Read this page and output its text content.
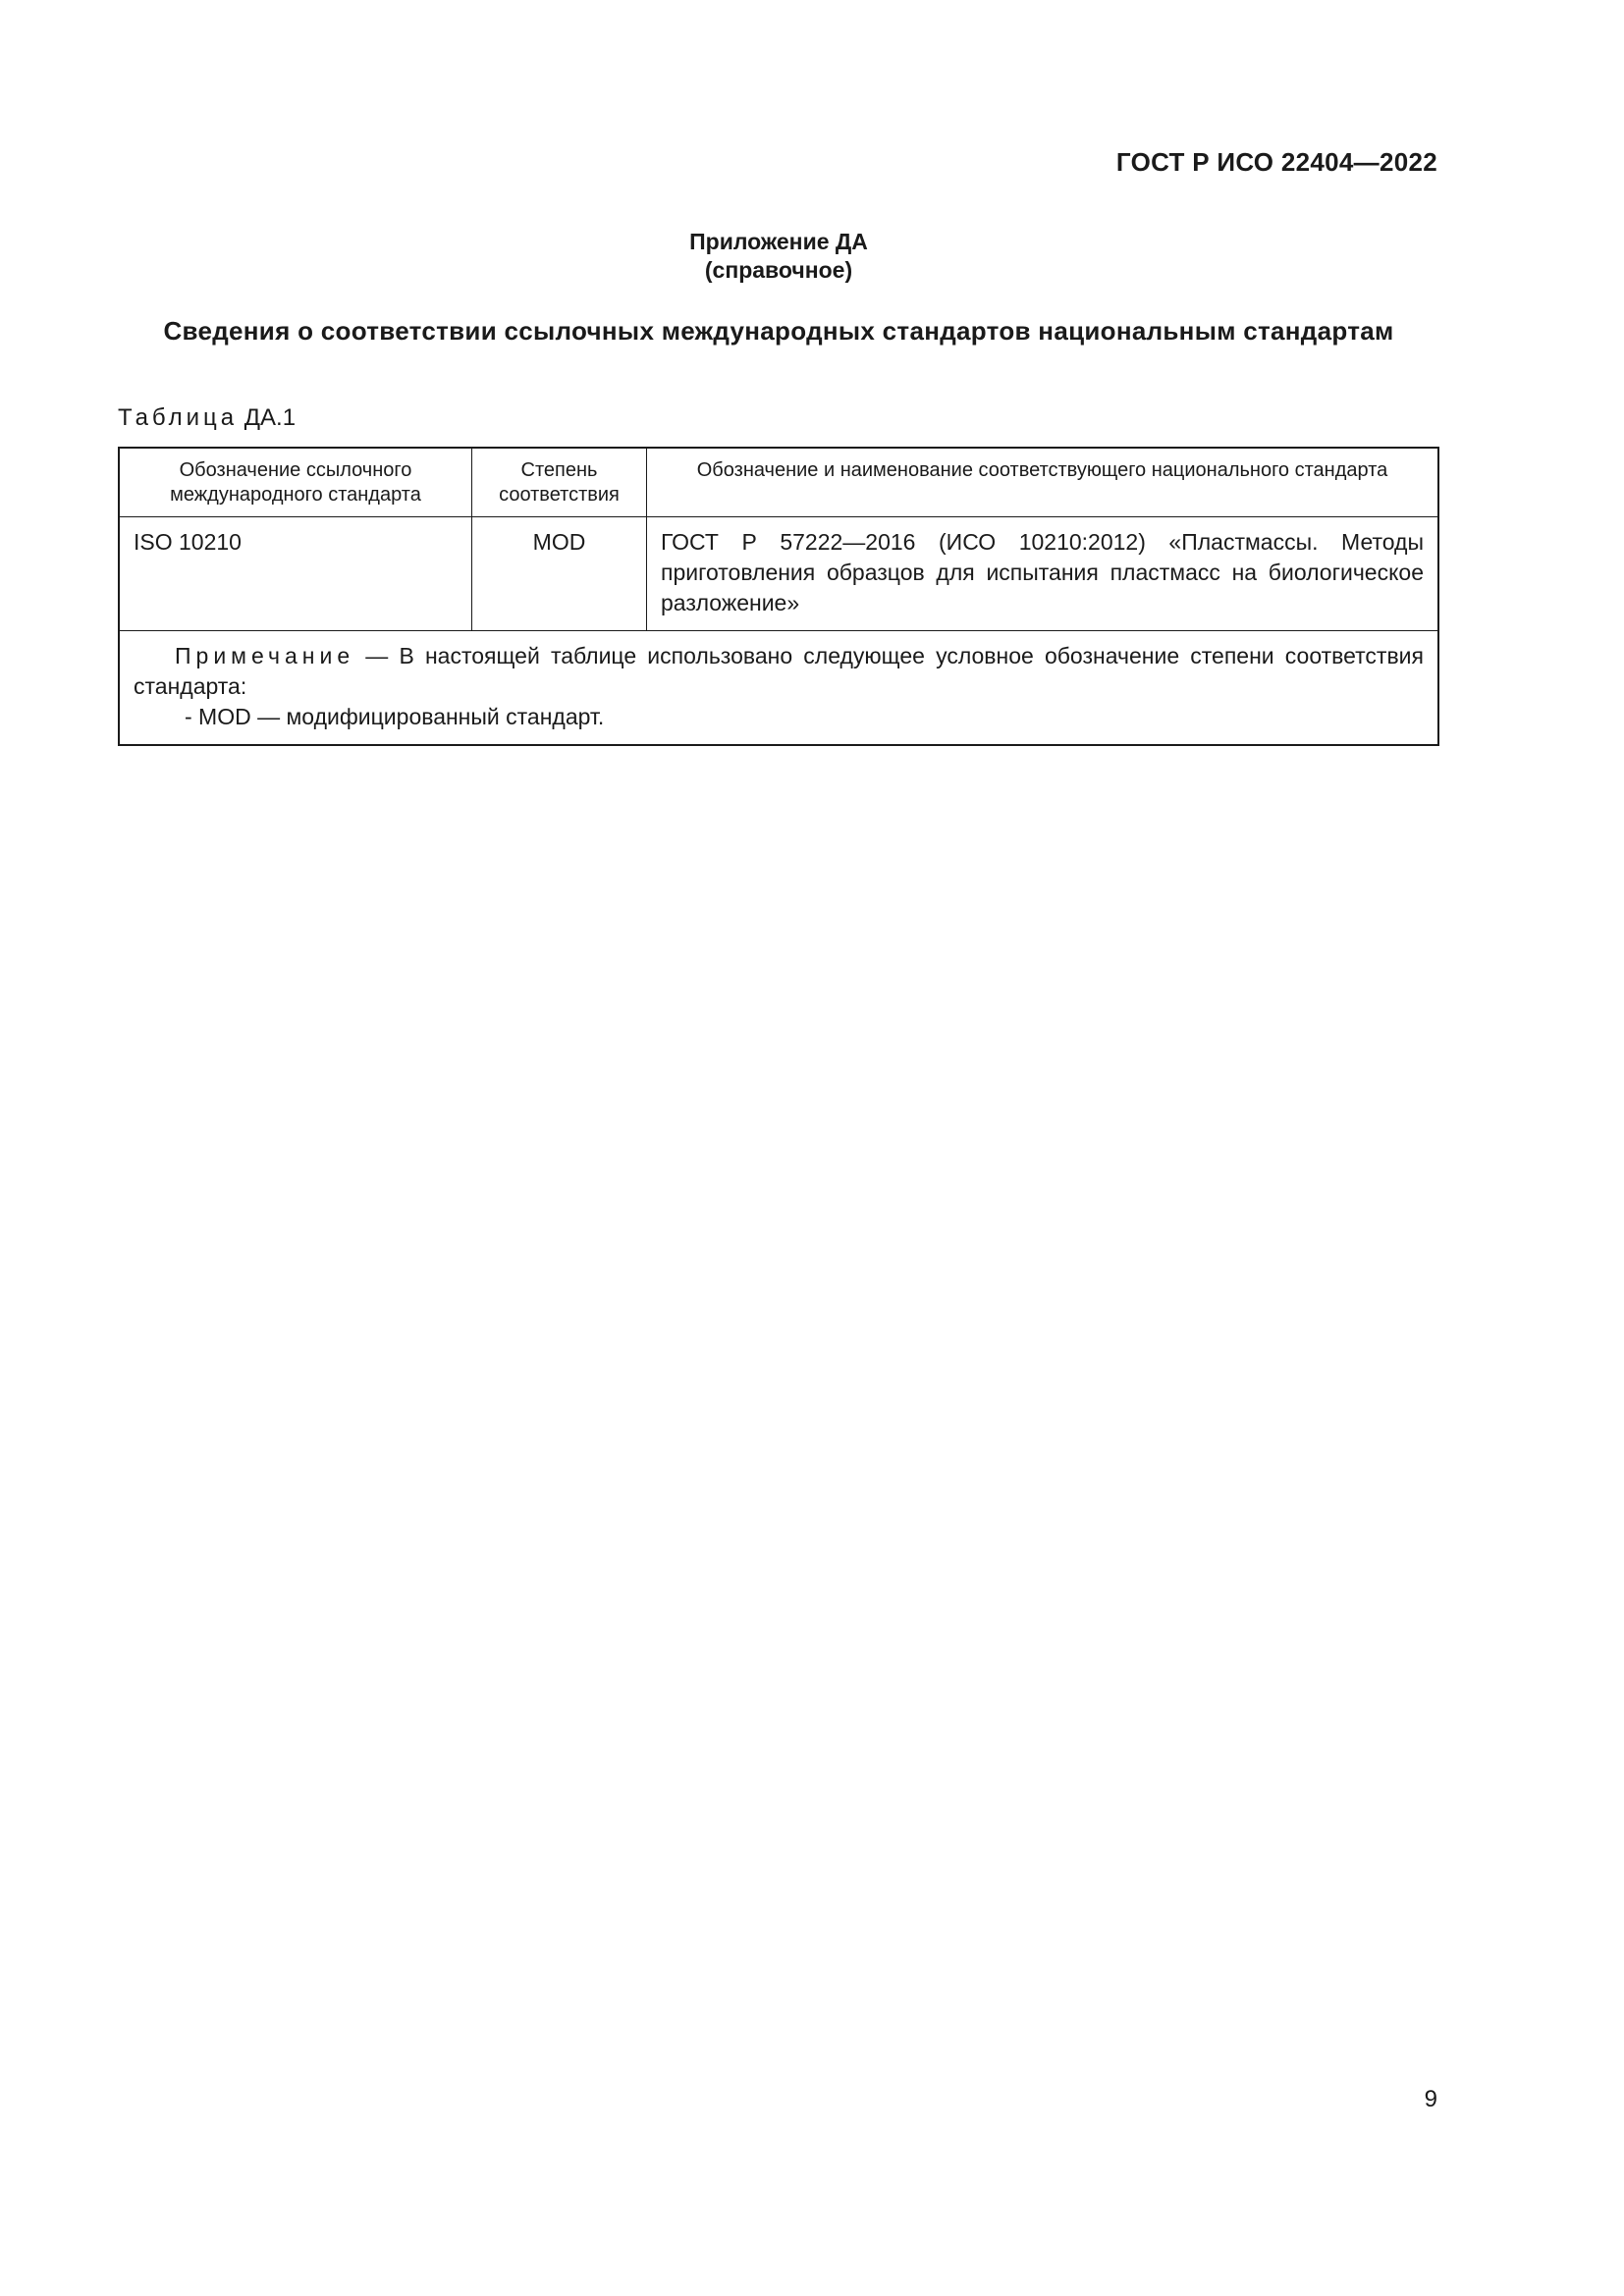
ГОСТ Р ИСО 22404—2022
Приложение ДА
(справочное)
Сведения о соответствии ссылочных международных стандартов национальным стандартам
Таблица ДА.1
Обозначение ссылочного международного стандарта	Степень соответствия	Обозначение и наименование соответствующего национального стандарта
ISO 10210	MOD	ГОСТ Р 57222—2016 (ИСО 10210:2012) «Пластмассы. Методы приготовления образцов для испытания пластмасс на биологическое разложение»

Примечание — В настоящей таблице использовано следующее условное обозначение степени соответствия стандарта:
- MOD — модифицированный стандарт.		
9
